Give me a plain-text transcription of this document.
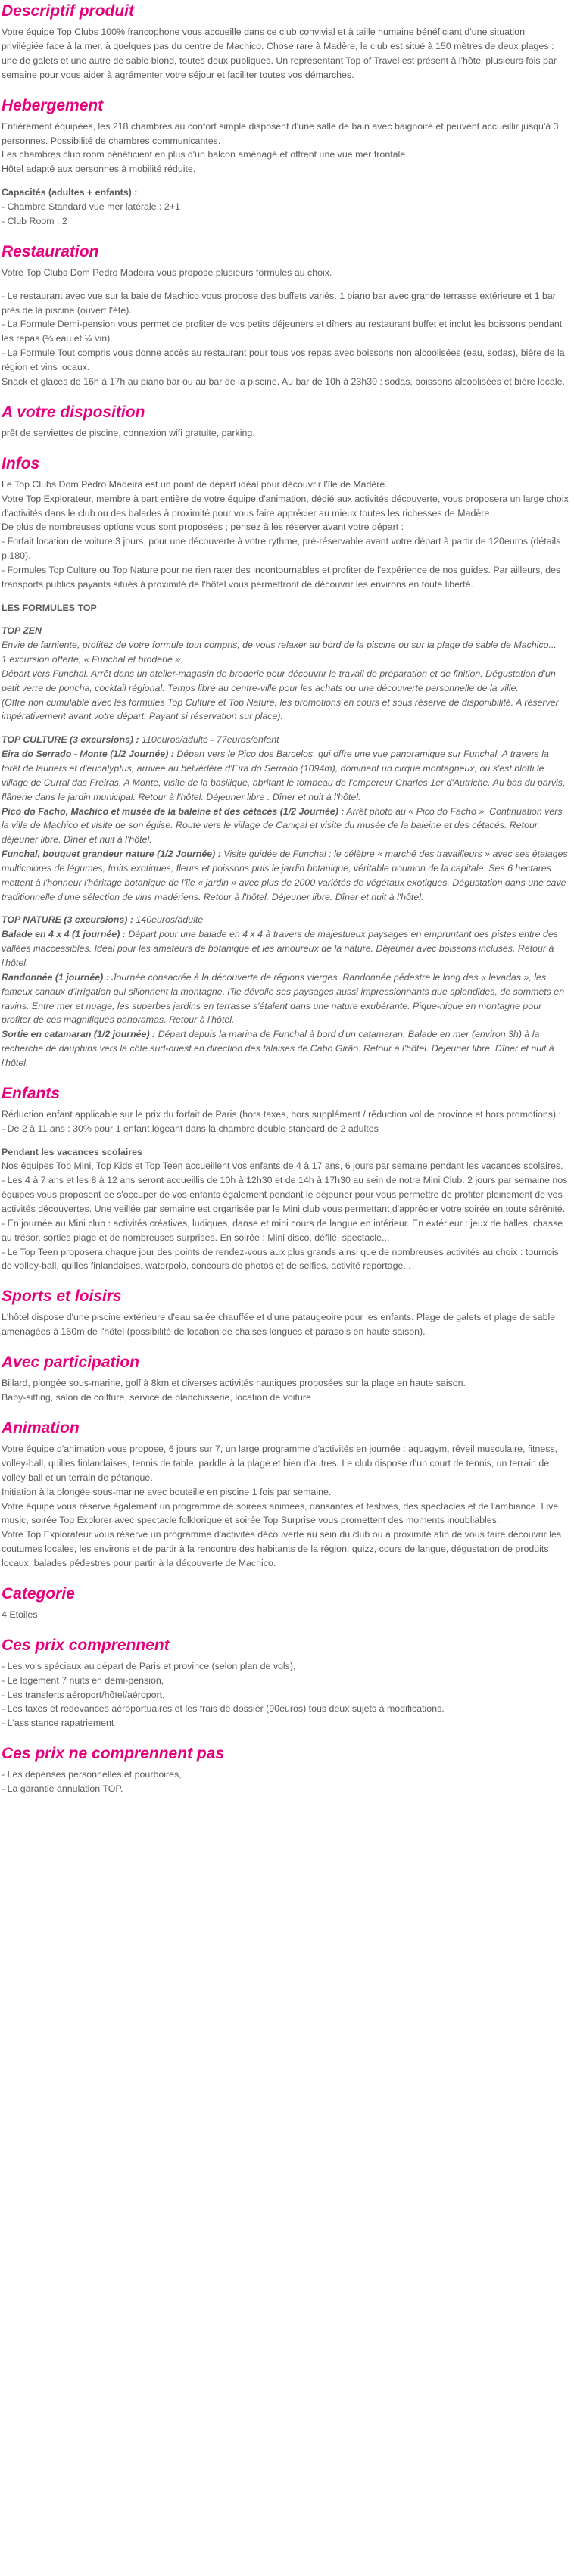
Descriptif produit

Votre équipe Top Clubs 100% francophone vous accueille dans ce club convivial et à taille humaine bénéficiant d'une situation privilégiée face à la mer, à quelques pas du centre de Machico. Chose rare à Madère, le club est situé à 150 mètres de deux plages : une de galets et une autre de sable blond, toutes deux publiques. Un représentant Top of Travel est présent à l'hôtel plusieurs fois par semaine pour vous aider à agrémenter votre séjour et faciliter toutes vos démarches.

Hebergement

Entièrement équipées, les 218 chambres au confort simple disposent d'une salle de bain avec baignoire et peuvent accueillir jusqu'à 3 personnes. Possibilité de chambres communicantes.
Les chambres club room bénéficient en plus d'un balcon aménagé et offrent une vue mer frontale.
Hôtel adapté aux personnes à mobilité réduite.

Capacités (adultes + enfants) :
- Chambre Standard vue mer latérale : 2+1
- Club Room : 2

Restauration

Votre Top Clubs Dom Pedro Madeira vous propose plusieurs formules au choix.

- Le restaurant avec vue sur la baie de Machico vous propose des buffets variés. 1 piano bar avec grande terrasse extérieure et 1 bar près de la piscine (ouvert l'été).
- La Formule Demi-pension vous permet de profiter de vos petits déjeuners et dîners au restaurant buffet et inclut les boissons pendant les repas (¼ eau et ¼ vin).
- La Formule Tout compris vous donne accès au restaurant pour tous vos repas avec boissons non alcoolisées (eau, sodas), bière de la région et vins locaux.
Snack et glaces de 16h à 17h au piano bar ou au bar de la piscine. Au bar de 10h à 23h30 : sodas, boissons alcoolisées et bière locale.

A votre disposition

prêt de serviettes de piscine, connexion wifi gratuite, parking.

Infos

Le Top Clubs Dom Pedro Madeira est un point de départ idéal pour découvrir l'île de Madère.
Votre Top Explorateur, membre à part entière de votre équipe d'animation, dédié aux activités découverte, vous proposera un large choix d'activités dans le club ou des balades à proximité pour vous faire apprécier au mieux toutes les richesses de Madère.
De plus de nombreuses options vous sont proposées ; pensez à les réserver avant votre départ :
- Forfait location de voiture 3 jours, pour une découverte à votre rythme, pré-réservable avant votre départ à partir de 120euros (détails p.180).
- Formules Top Culture ou Top Nature pour ne rien rater des incontournables et profiter de l'expérience de nos guides. Par ailleurs, des transports publics payants situés à proximité de l'hôtel vous permettront de découvrir les environs en toute liberté.

LES FORMULES TOP

TOP ZEN
Envie de farniente, profitez de votre formule tout compris, de vous relaxer au bord de la piscine ou sur la plage de sable de Machico...
1 excursion offerte, « Funchal et broderie »
Départ vers Funchal. Arrêt dans un atelier-magasin de broderie pour découvrir le travail de préparation et de finition. Dégustation d'un petit verre de poncha, cocktail régional. Temps libre au centre-ville pour les achats ou une découverte personnelle de la ville.
(Offre non cumulable avec les formules Top Culture et Top Nature, les promotions en cours et sous réserve de disponibilité. A réserver impérativement avant votre départ. Payant si réservation sur place).

TOP CULTURE (3 excursions) : 110euros/adulte - 77euros/enfant
Eira do Serrado - Monte (1/2 Journée) : Départ vers le Pico dos Barcelos, qui offre une vue panoramique sur Funchal. A travers la forêt de lauriers et d'eucalyptus, arrivée au belvédère d'Eira do Serrado (1094m), dominant un cirque montagneux, où s'est blotti le village de Curral das Freiras. A Monte, visite de la basilique, abritant le tombeau de l'empereur Charles 1er d'Autriche. Au bas du parvis, flânerie dans le jardin municipal. Retour à l'hôtel. Déjeuner libre . Dîner et nuit à l'hôtel.
Pico do Facho, Machico et musée de la baleine et des cétacés (1/2 Journée) : Arrêt photo au « Pico do Facho ». Continuation vers la ville de Machico et visite de son église. Route vers le village de Caniçal et visite du musée de la baleine et des cétacés. Retour, déjeuner libre. Dîner et nuit à l'hôtel.
Funchal, bouquet grandeur nature (1/2 Journée) : Visite guidée de Funchal : le célèbre « marché des travailleurs » avec ses étalages multicolores de légumes, fruits exotiques, fleurs et poissons puis le jardin botanique, véritable poumon de la capitale. Ses 6 hectares mettent à l'honneur l'héritage botanique de l'île « jardin » avec plus de 2000 variétés de végétaux exotiques. Dégustation dans une cave traditionnelle d'une sélection de vins madériens. Retour à l'hôtel. Déjeuner libre. Dîner et nuit à l'hôtel.

TOP NATURE (3 excursions) : 140euros/adulte
Balade en 4 x 4 (1 journée) : Départ pour une balade en 4 x 4 à travers de majestueux paysages en empruntant des pistes entre des vallées inaccessibles. Idéal pour les amateurs de botanique et les amoureux de la nature. Déjeuner avec boissons incluses. Retour à l'hôtel.
Randonnée (1 journée) : Journée consacrée à la découverte de régions vierges. Randonnée pédestre le long des « levadas », les fameux canaux d'irrigation qui sillonnent la montagne, l'île dévoile ses paysages aussi impressionnants que splendides, de sommets en ravins. Entre mer et nuage, les superbes jardins en terrasse s'étalent dans une nature exubérante. Pique-nique en montagne pour profiter de ces magnifiques panoramas. Retour à l'hôtel.
Sortie en catamaran (1/2 journée) : Départ depuis la marina de Funchal à bord d'un catamaran. Balade en mer (environ 3h) à la recherche de dauphins vers la côte sud-ouest en direction des falaises de Cabo Girão. Retour à l'hôtel. Déjeuner libre. Dîner et nuit à l'hôtel.

Enfants

Réduction enfant applicable sur le prix du forfait de Paris (hors taxes, hors supplément / réduction vol de province et hors promotions) :
- De 2 à 11 ans : 30% pour 1 enfant logeant dans la chambre double standard de 2 adultes

Pendant les vacances scolaires
Nos équipes Top Mini, Top Kids et Top Teen accueillent vos enfants de 4 à 17 ans, 6 jours par semaine pendant les vacances scolaires.
- Les 4 à 7 ans et les 8 à 12 ans seront accueillis de 10h à 12h30 et de 14h à 17h30 au sein de notre Mini Club. 2 jours par semaine nos équipes vous proposent de s'occuper de vos enfants également pendant le déjeuner pour vous permettre de profiter pleinement de vos activités découvertes. Une veillée par semaine est organisée par le Mini club vous permettant d'apprécier votre soirée en toute sérénité.
- En journée au Mini club : activités créatives, ludiques, danse et mini cours de langue en intérieur. En extérieur : jeux de balles, chasse au trésor, sorties plage et de nombreuses surprises. En soirée : Mini disco, défilé, spectacle...
- Le Top Teen proposera chaque jour des points de rendez-vous aux plus grands ainsi que de nombreuses activités au choix : tournois de volley-ball, quilles finlandaises, waterpolo, concours de photos et de selfies, activité reportage...

Sports et loisirs

L'hôtel dispose d'une piscine extérieure d'eau salée chauffée et d'une pataugeoire pour les enfants. Plage de galets et plage de sable aménagées à 150m de l'hôtel (possibilité de location de chaises longues et parasols en haute saison).

Avec participation

Billard, plongée sous-marine, golf à 8km et diverses activités nautiques proposées sur la plage en haute saison.
Baby-sitting, salon de coiffure, service de blanchisserie, location de voiture

Animation

Votre équipe d'animation vous propose, 6 jours sur 7, un large programme d'activités en journée : aquagym, réveil musculaire, fitness, volley-ball, quilles finlandaises, tennis de table, paddle à la plage et bien d'autres. Le club dispose d'un court de tennis, un terrain de volley ball et un terrain de pétanque.
Initiation à la plongée sous-marine avec bouteille en piscine 1 fois par semaine.
Votre équipe vous réserve également un programme de soirées animées, dansantes et festives, des spectacles et de l'ambiance. Live music, soirée Top Explorer avec spectacle folklorique et soirée Top Surprise vous promettent des moments inoubliables.
Votre Top Explorateur vous réserve un programme d'activités découverte au sein du club ou à proximité afin de vous faire découvrir les coutumes locales, les environs et de partir à la rencontre des habitants de la région: quizz, cours de langue, dégustation de produits locaux, balades pédestres pour partir à la découverte de Machico.

Categorie

4 Etoiles

Ces prix comprennent

- Les vols spéciaux au départ de Paris et province (selon plan de vols),
- Le logement 7 nuits en demi-pension,
- Les transferts aéroport/hôtel/aéroport,
- Les taxes et redevances aéroportuaires et les frais de dossier (90euros) tous deux sujets à modifications.
- L'assistance rapatriement

Ces prix ne comprennent pas

- Les dépenses personnelles et pourboires,
- La garantie annulation TOP.
